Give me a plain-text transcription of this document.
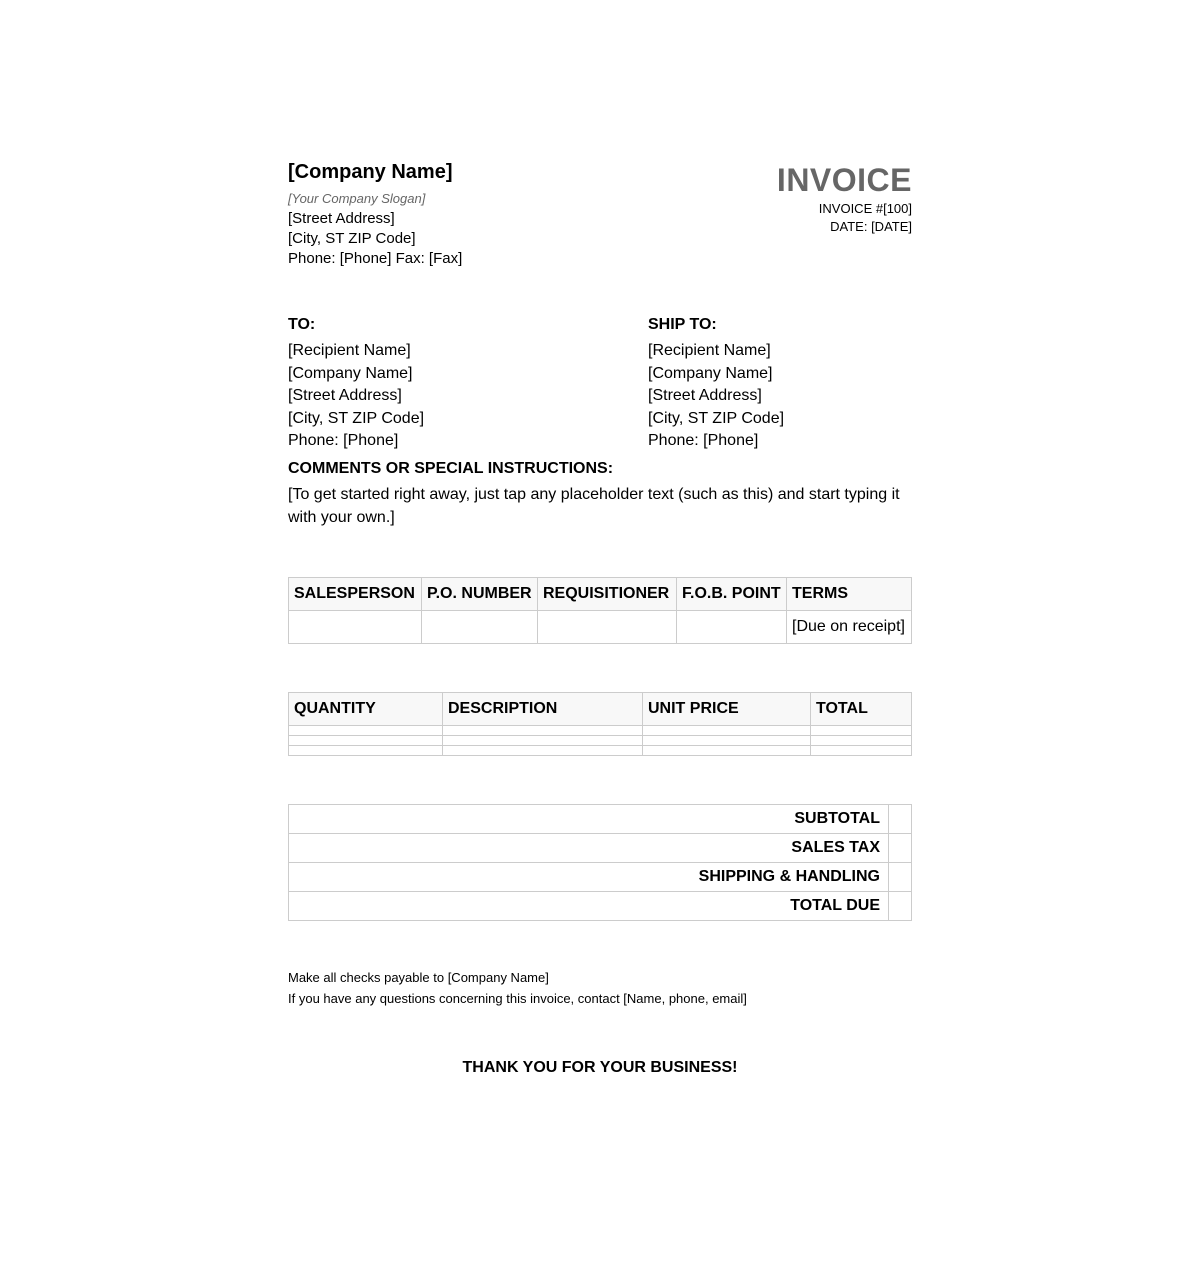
[Company Name]
[Your Company Slogan]
[Street Address]
[City, ST ZIP Code]
Phone: [Phone] Fax: [Fax]
INVOICE
INVOICE #[100]
DATE: [DATE]
TO:
[Recipient Name]
[Company Name]
[Street Address]
[City, ST ZIP Code]
Phone: [Phone]
SHIP TO:
[Recipient Name]
[Company Name]
[Street Address]
[City, ST ZIP Code]
Phone: [Phone]
COMMENTS OR SPECIAL INSTRUCTIONS:
[To get started right away, just tap any placeholder text (such as this) and start typing it with your own.]
SALESPERSON	P.O. NUMBER	REQUISITIONER	F.O.B. POINT	TERMS
				[Due on receipt]
QUANTITY	DESCRIPTION	UNIT PRICE	TOTAL

SUBTOTAL	
SALES TAX	
SHIPPING & HANDLING	
TOTAL DUE	
Make all checks payable to [Company Name]
If you have any questions concerning this invoice, contact [Name, phone, email]
THANK YOU FOR YOUR BUSINESS!
